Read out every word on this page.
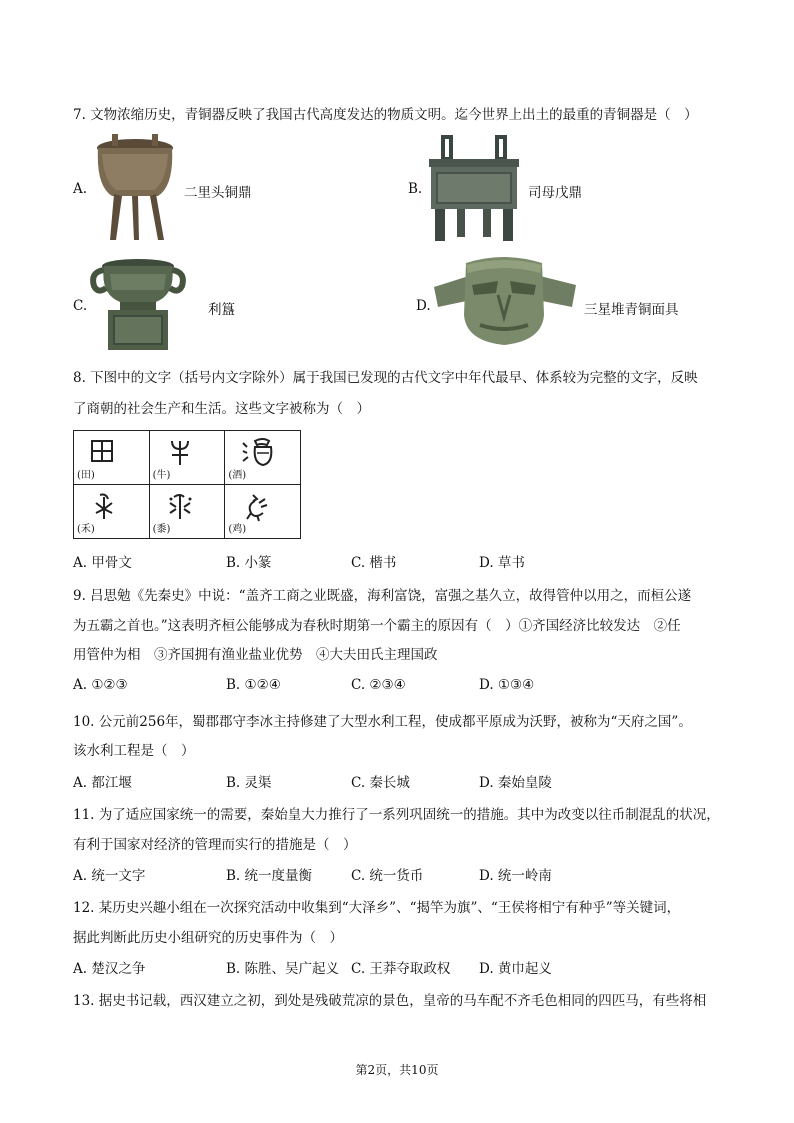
7. 文物浓缩历史，青铜器反映了我国古代高度发达的物质文明。迄今世界上出土的最重的青铜器是（　）
A.	二里头铜鼎	B.	司母戊鼎
C.	利簋	D.	三星堆青铜面具
8. 下图中的文字（括号内文字除外）属于我国已发现的古代文字中年代最早、体系较为完整的文字，反映
了商朝的社会生产和生活。这些文字被称为（　）
(田)	(牛)	(酒)

(禾)	(黍)	(鸡)
A. 甲骨文	B. 小篆	C. 楷书	D. 草书
9. 吕思勉《先秦史》中说：“盖齐工商之业既盛，海利富饶，富强之基久立，故得管仲以用之，而桓公遂
为五霸之首也。”这表明齐桓公能够成为春秋时期第一个霸主的原因有（　）①齐国经济比较发达　②任
用管仲为相　③齐国拥有渔业盐业优势　④大夫田氏主理国政
A. ①②③	B. ①②④	C. ②③④	D. ①③④
10. 公元前256年，蜀郡郡守李冰主持修建了大型水利工程，使成都平原成为沃野，被称为“天府之国”。
该水利工程是（　）
A. 都江堰	B. 灵渠	C. 秦长城	D. 秦始皇陵
11. 为了适应国家统一的需要，秦始皇大力推行了一系列巩固统一的措施。其中为改变以往币制混乱的状况，
有利于国家对经济的管理而实行的措施是（　）
A. 统一文字	B. 统一度量衡	C. 统一货币	D. 统一岭南
12. 某历史兴趣小组在一次探究活动中收集到“大泽乡”、“揭竿为旗”、“王侯将相宁有种乎”等关键词，
据此判断此历史小组研究的历史事件为（　）
A. 楚汉之争	B. 陈胜、吴广起义 C. 王莽夺取政权 D. 黄巾起义
13. 据史书记载，西汉建立之初，到处是残破荒凉的景色，皇帝的马车配不齐毛色相同的四匹马，有些将相
第2页，共10页
